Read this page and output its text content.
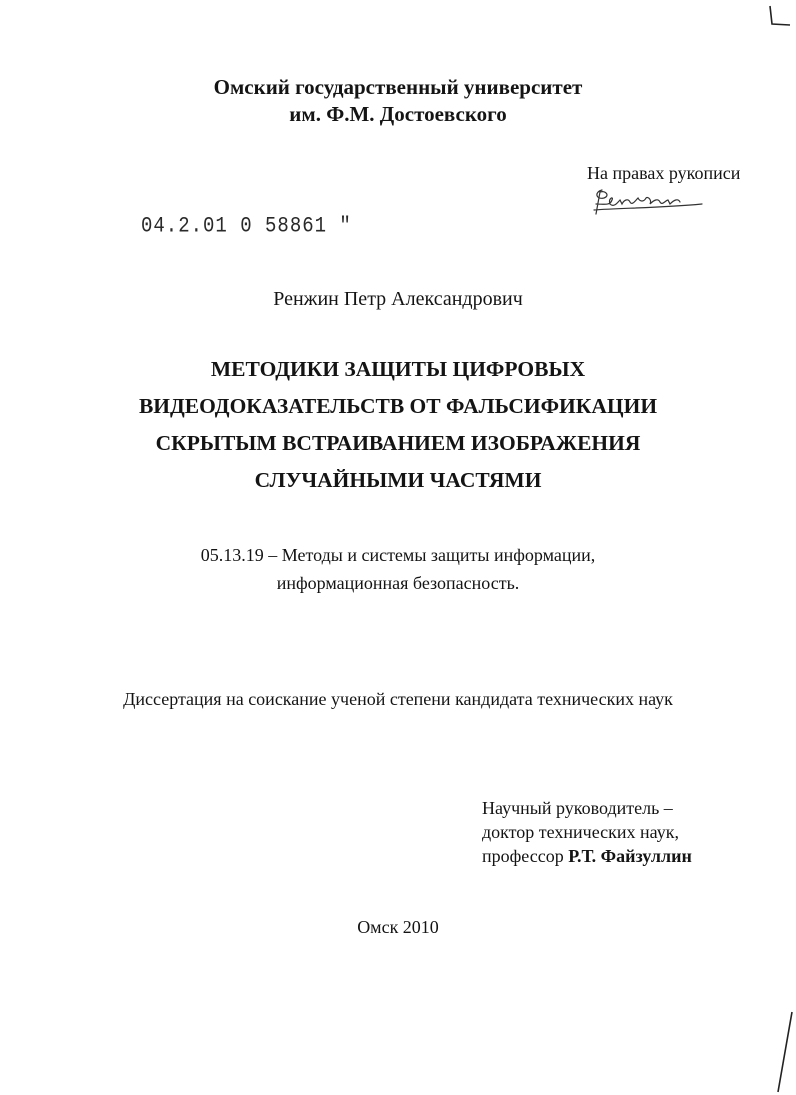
Омский государственный университет
им. Ф.М. Достоевского
На правах рукописи
04.2.01 0 58861 "
Ренжин Петр Александрович
МЕТОДИКИ ЗАЩИТЫ ЦИФРОВЫХ
ВИДЕОДОКАЗАТЕЛЬСТВ ОТ ФАЛЬСИФИКАЦИИ
СКРЫТЫМ ВСТРАИВАНИЕМ ИЗОБРАЖЕНИЯ
СЛУЧАЙНЫМИ ЧАСТЯМИ
05.13.19 – Методы и системы защиты информации,
информационная безопасность.
Диссертация на соискание ученой степени кандидата технических наук
Научный руководитель –
доктор технических наук,
профессор Р.Т. Файзуллин
Омск 2010
